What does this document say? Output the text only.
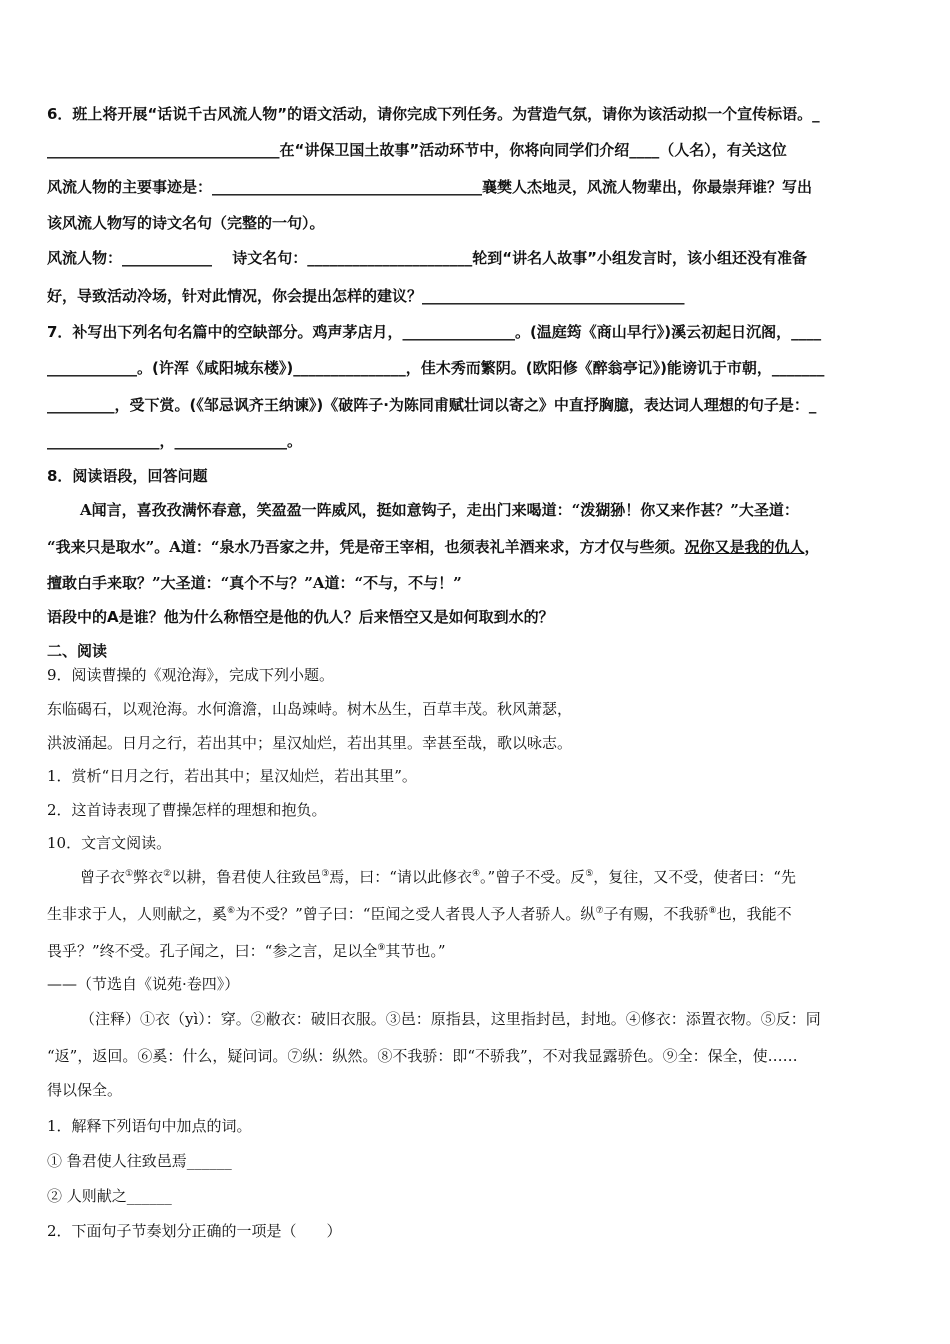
6．班上将开展“话说千古风流人物”的语文活动，请你完成下列任务。为营造气氛，请你为该活动拟一个宣传标语。_
_______________________________在“讲保卫国土故事”活动环节中，你将向同学们介绍____（人名），有关这位
风流人物的主要事迹是：____________________________________襄樊人杰地灵，风流人物辈出，你最崇拜谁？写出
该风流人物写的诗文名句（完整的一句）。
风流人物：____________　 诗文名句：______________________轮到“讲名人故事”小组发言时，该小组还没有准备
好，导致活动冷场，针对此情况，你会提出怎样的建议？___________________________________
7．补写出下列名句名篇中的空缺部分。鸡声茅店月，_______________。(温庭筠《商山早行》)溪云初起日沉阁，____
____________。(许浑《咸阳城东楼》)_______________，佳木秀而繁阴。(欧阳修《醉翁亭记》)能谤讥于市朝，_______
_________，受下赏。(《邹忌讽齐王纳谏》)《破阵子·为陈同甫赋壮词以寄之》中直抒胸臆，表达词人理想的句子是：_
_______________，_______________。
8．阅读语段，回答问题
A闻言，喜孜孜满怀春意，笑盈盈一阵威风，挺如意钩子，走出门来喝道：“泼猢狲！你又来作甚？”大圣道：
“我来只是取水”。A道：“泉水乃吾家之井，凭是帝王宰相，也须表礼羊酒来求，方才仅与些须。况你又是我的仇人，
擅敢白手来取？”大圣道：“真个不与？”A道：“不与，不与！”
语段中的A是谁？他为什么称悟空是他的仇人？后来悟空又是如何取到水的？
二、阅读
9．阅读曹操的《观沧海》，完成下列小题。
东临碣石，以观沧海。水何澹澹，山岛竦峙。树木丛生，百草丰茂。秋风萧瑟，
洪波涌起。日月之行，若出其中；星汉灿烂，若出其里。幸甚至哉，歌以咏志。
1．赏析“日月之行，若出其中；星汉灿烂，若出其里”。
2．这首诗表现了曹操怎样的理想和抱负。
10．文言文阅读。
曾子衣①弊衣②以耕，鲁君使人往致邑③焉，曰：“请以此修衣④。”曾子不受。反⑤，复往，又不受，使者曰：“先
生非求于人，人则献之，奚⑥为不受？”曾子曰：“臣闻之受人者畏人予人者骄人。纵⑦子有赐，不我骄⑧也，我能不
畏乎？”终不受。孔子闻之，曰：“参之言，足以全⑨其节也。”
——（节选自《说苑·卷四》）
（注释）①衣（yì）：穿。②敝衣：破旧衣服。③邑：原指县，这里指封邑，封地。④修衣：添置衣物。⑤反：同
“返”，返回。⑥奚：什么，疑问词。⑦纵：纵然。⑧不我骄：即“不骄我”，不对我显露骄色。⑨全：保全，使……
得以保全。
1．解释下列语句中加点的词。
① 鲁君使人往致邑焉______
② 人则献之______
2．下面句子节奏划分正确的一项是（　　）
